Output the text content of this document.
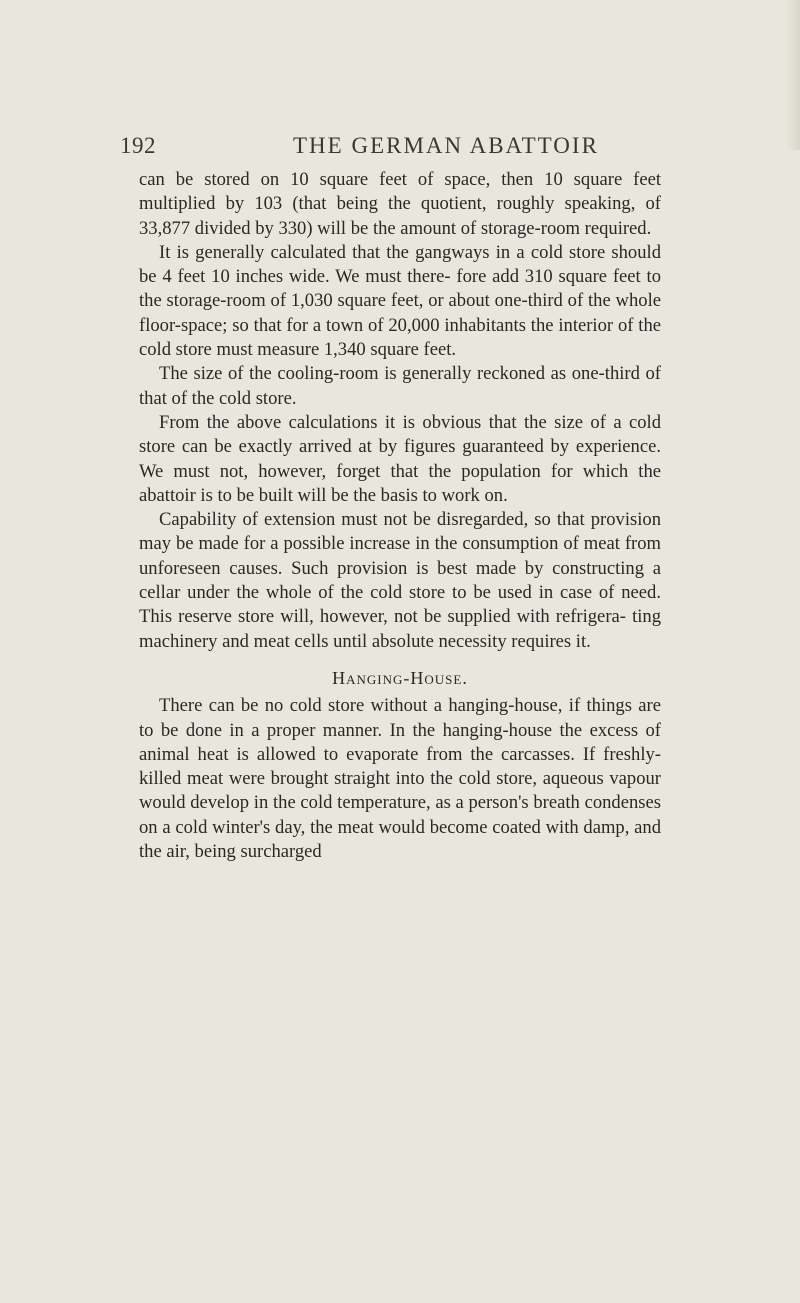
192	THE GERMAN ABATTOIR

can be stored on 10 square feet of space, then 10 square feet multiplied by 103 (that being the quotient, roughly speaking, of 33,877 divided by 330) will be the amount of storage-room required.

It is generally calculated that the gangways in a cold store should be 4 feet 10 inches wide. We must there- fore add 310 square feet to the storage-room of 1,030 square feet, or about one-third of the whole floor-space; so that for a town of 20,000 inhabitants the interior of the cold store must measure 1,340 square feet.

The size of the cooling-room is generally reckoned as one-third of that of the cold store.

From the above calculations it is obvious that the size of a cold store can be exactly arrived at by figures guaranteed by experience. We must not, however, forget that the population for which the abattoir is to be built will be the basis to work on.

Capability of extension must not be disregarded, so that provision may be made for a possible increase in the consumption of meat from unforeseen causes. Such provision is best made by constructing a cellar under the whole of the cold store to be used in case of need. This reserve store will, however, not be supplied with refrigera- ting machinery and meat cells until absolute necessity requires it.

Hanging-House.

There can be no cold store without a hanging-house, if things are to be done in a proper manner. In the hanging-house the excess of animal heat is allowed to evaporate from the carcasses. If freshly-killed meat were brought straight into the cold store, aqueous vapour would develop in the cold temperature, as a person's breath condenses on a cold winter's day, the meat would become coated with damp, and the air, being surcharged
